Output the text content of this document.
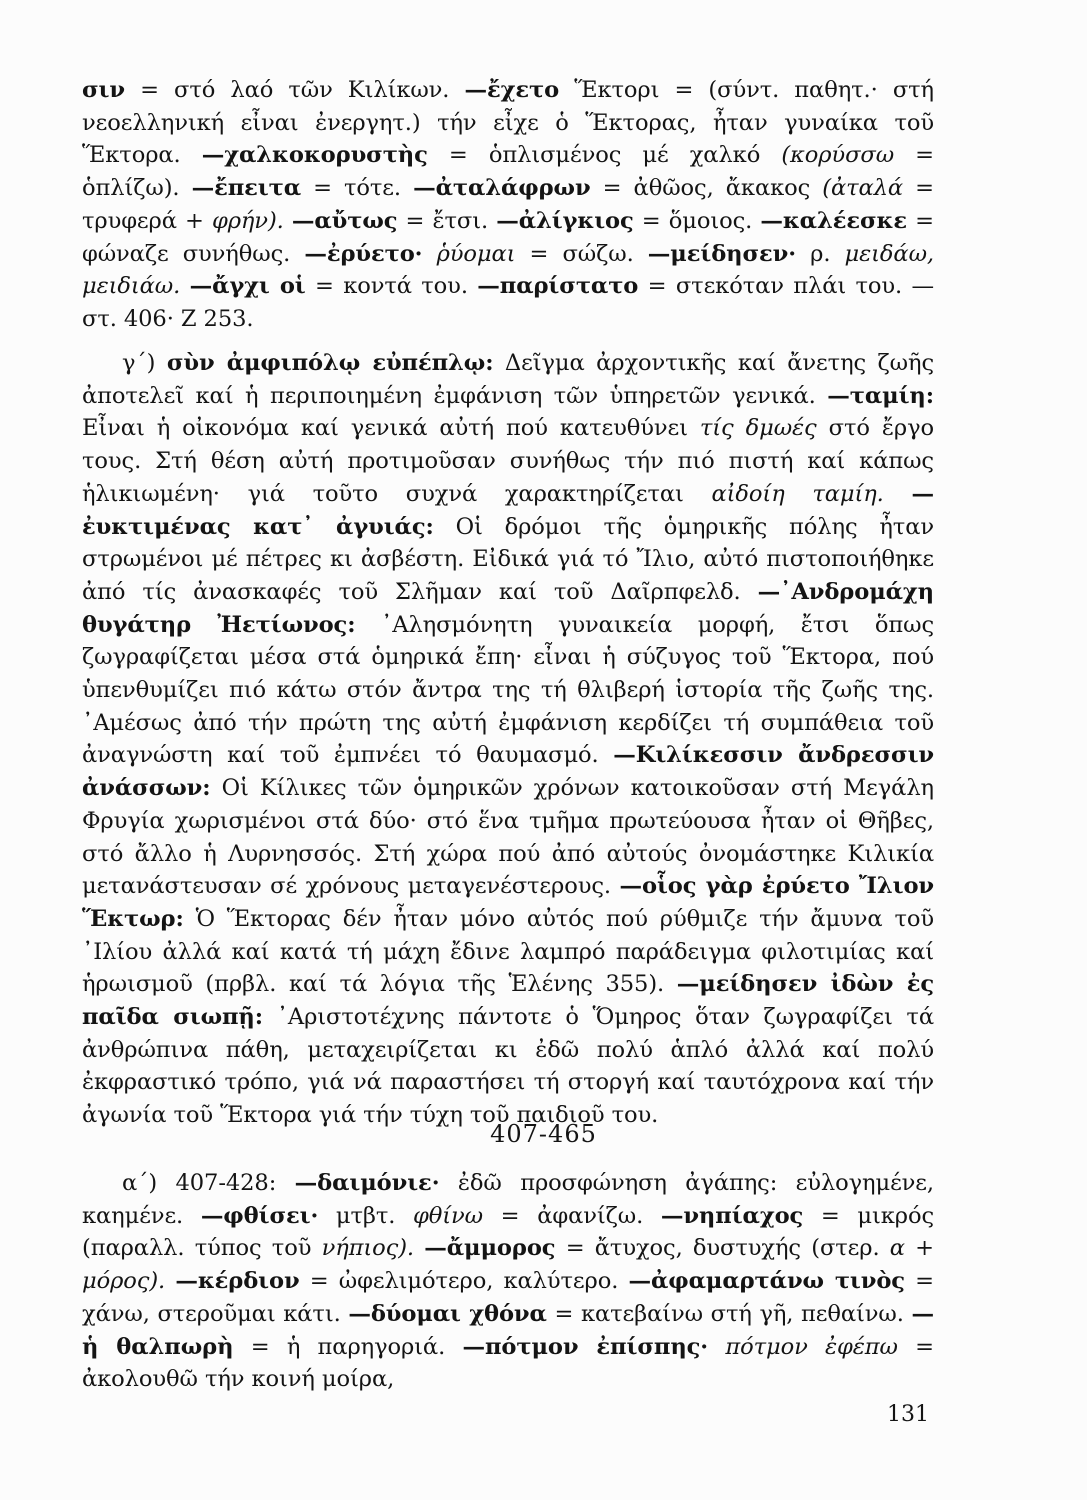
σιν = στό λαό τῶν Κιλίκων. —ἔχετο Ἕκτορι = (σύντ. παθητ.· στή νεοελληνική εἶναι ἐνεργητ.) τήν εἶχε ὁ Ἕκτορας, ἦταν γυναίκα τοῦ Ἕκτορα. —χαλκοκορυστὴς = ὁπλισμένος μέ χαλκό (κορύσσω = ὁπλίζω). —ἔπειτα = τότε. —ἀταλάφρων = ἀθῶος, ἄκακος (ἀταλά = τρυφερά + φρήν). —αὔτως = ἔτσι. —ἀλίγκιος = ὅμοιος. —καλέεσκε = φώναζε συνήθως. —ἐρύετο· ῥύομαι = σώζω. —μείδησεν· ρ. μειδάω, μειδιάω. —ἄγχι οἱ = κοντά του. —παρίστατο = στεκόταν πλάι του. —στ. 406· Ζ 253.

γ΄) σὺν ἀμφιπόλῳ εὐπέπλῳ: Δεῖγμα ἀρχοντικῆς καί ἄνετης ζωῆς ἀποτελεῖ καί ἡ περιποιημένη ἐμφάνιση τῶν ὑπηρετῶν γενικά. —ταμίη: Εἶναι ἡ οἰκονόμα καί γενικά αὐτή πού κατευθύνει τίς δμωές στό ἔργο τους. Στή θέση αὐτή προτιμοῦσαν συνήθως τήν πιό πιστή καί κάπως ἡλικιωμένη· γιά τοῦτο συχνά χαρακτηρίζεται αἰδοίη ταμίη. —ἐυκτιμένας κατ᾽ ἀγυιάς: Οἱ δρόμοι τῆς ὁμηρικῆς πόλης ἦταν στρωμένοι μέ πέτρες κι ἀσβέστη. Εἰδικά γιά τό Ἴλιο, αὐτό πιστοποιήθηκε ἀπό τίς ἀνασκαφές τοῦ Σλῆμαν καί τοῦ Δαῖρπφελδ. —᾽Ανδρομάχη θυγάτηρ Ἠετίωνος: ᾽Αλησμόνητη γυναικεία μορφή, ἔτσι ὅπως ζωγραφίζεται μέσα στά ὁμηρικά ἔπη· εἶναι ἡ σύζυγος τοῦ Ἕκτορα, πού ὑπενθυμίζει πιό κάτω στόν ἄντρα της τή θλιβερή ἱστορία τῆς ζωῆς της. ᾽Αμέσως ἀπό τήν πρώτη της αὐτή ἐμφάνιση κερδίζει τή συμπάθεια τοῦ ἀναγνώστη καί τοῦ ἐμπνέει τό θαυμασμό. —Κιλίκεσσιν ἄνδρεσσιν ἀνάσσων: Οἱ Κίλικες τῶν ὁμηρικῶν χρόνων κατοικοῦσαν στή Μεγάλη Φρυγία χωρισμένοι στά δύο· στό ἕνα τμῆμα πρωτεύουσα ἦταν οἱ Θῆβες, στό ἄλλο ἡ Λυρνησσός. Στή χώρα πού ἀπό αὐτούς ὀνομάστηκε Κιλικία μετανάστευσαν σέ χρόνους μεταγενέστερους. —οἷος γὰρ ἐρύετο Ἴλιον Ἕκτωρ: Ὁ Ἕκτορας δέν ἦταν μόνο αὐτός πού ρύθμιζε τήν ἄμυνα τοῦ ᾽Ιλίου ἀλλά καί κατά τή μάχη ἔδινε λαμπρό παράδειγμα φιλοτιμίας καί ἡρωισμοῦ (πρβλ. καί τά λόγια τῆς Ἑλένης 355). —μείδησεν ἰδὼν ἐς παῖδα σιωπῇ: ᾽Αριστοτέχνης πάντοτε ὁ Ὅμηρος ὅταν ζωγραφίζει τά ἀνθρώπινα πάθη, μεταχειρίζεται κι ἐδῶ πολύ ἁπλό ἀλλά καί πολύ ἐκφραστικό τρόπο, γιά νά παραστήσει τή στοργή καί ταυτόχρονα καί τήν ἀγωνία τοῦ Ἕκτορα γιά τήν τύχη τοῦ παιδιοῦ του.

407-465

α΄) 407-428: —δαιμόνιε· ἐδῶ προσφώνηση ἀγάπης: εὐλογημένε, καημένε. —φθίσει· μτβτ. φθίνω = ἀφανίζω. —νηπίαχος = μικρός (παραλλ. τύπος τοῦ νήπιος). —ἄμμορος = ἄτυχος, δυστυχής (στερ. α + μόρος). —κέρδιον = ὠφελιμότερο, καλύτερο. —ἀφαμαρτάνω τινὸς = χάνω, στεροῦμαι κάτι. —δύομαι χθόνα = κατεβαίνω στή γῆ, πεθαίνω. —ἡ θαλπωρὴ = ἡ παρηγοριά. —πότμον ἐπίσπης· πότμον ἐφέπω = ἀκολουθῶ τήν κοινή μοίρα,

131
